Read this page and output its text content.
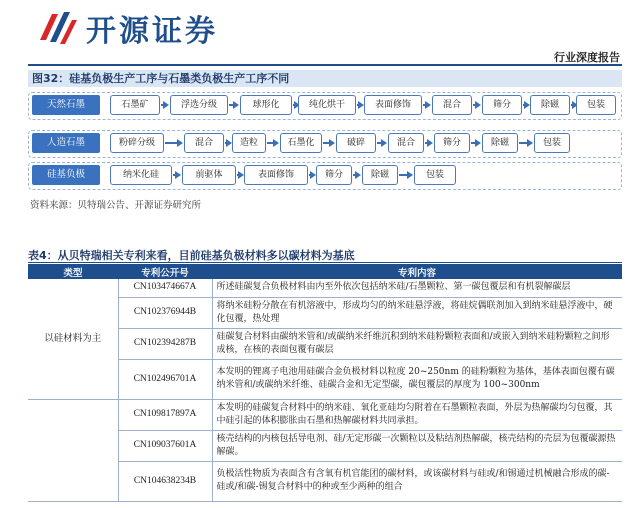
开源证券
行业深度报告
图32：硅基负极生产工序与石墨类负极生产工序不同
天然石墨	石墨矿	浮选分级	球形化	纯化烘干	表面修饰	混合	筛分	除磁	包装
人造石墨	粉碎分级	混合	造粒	石墨化	破碎	混合	筛分	除磁	包装
硅基负极	纳米化硅	前驱体	表面修饰	筛分	除磁	包装
资料来源：贝特瑞公告、开源证券研究所
表4：从贝特瑞相关专利来看，目前硅基负极材料多以碳材料为基底
类型	专利公开号	专利内容
以硅材料为主	CN103474667A	所述硅碳复合负极材料由内至外依次包括纳米硅/石墨颗粒、第一碳包覆层和有机裂解碳层
	CN102376944B	将纳米硅粉分散在有机溶液中，形成均匀的纳米硅悬浮液，将硅烷偶联剂加入到纳米硅悬浮液中，硬化包覆，热处理
	CN102394287B	硅碳复合材料由碳纳米管和/或碳纳米纤维沉积到纳米硅粉颗粒表面和/或嵌入到纳米硅粉颗粒之间形成核，在核的表面包覆有碳层
	CN102496701A	本发明的锂离子电池用硅碳合金负极材料以粒度 20~250nm 的硅粉颗粒为基体，基体表面包覆有碳纳米管和/或碳纳米纤维、硅碳合金和无定型碳，碳包覆层的厚度为 100~300nm
	CN109817897A	本发明的硅碳复合材料中的纳米硅、氧化亚硅均匀附着在石墨颗粒表面，外层为热解碳均匀包覆，其中硅引起的体积膨胀由石墨和热解碳材料共同承担。
	CN109037601A	核壳结构的内核包括导电剂、硅/无定形碳一次颗粒以及粘结剂热解碳，核壳结构的壳层为包覆碳源热解碳。
	CN104638234B	负极活性物质为表面含有含氧有机官能团的碳材料，或该碳材料与硅或/和锡通过机械融合形成的碳-硅或/和碳-锡复合材料中的种或至少两种的组合
